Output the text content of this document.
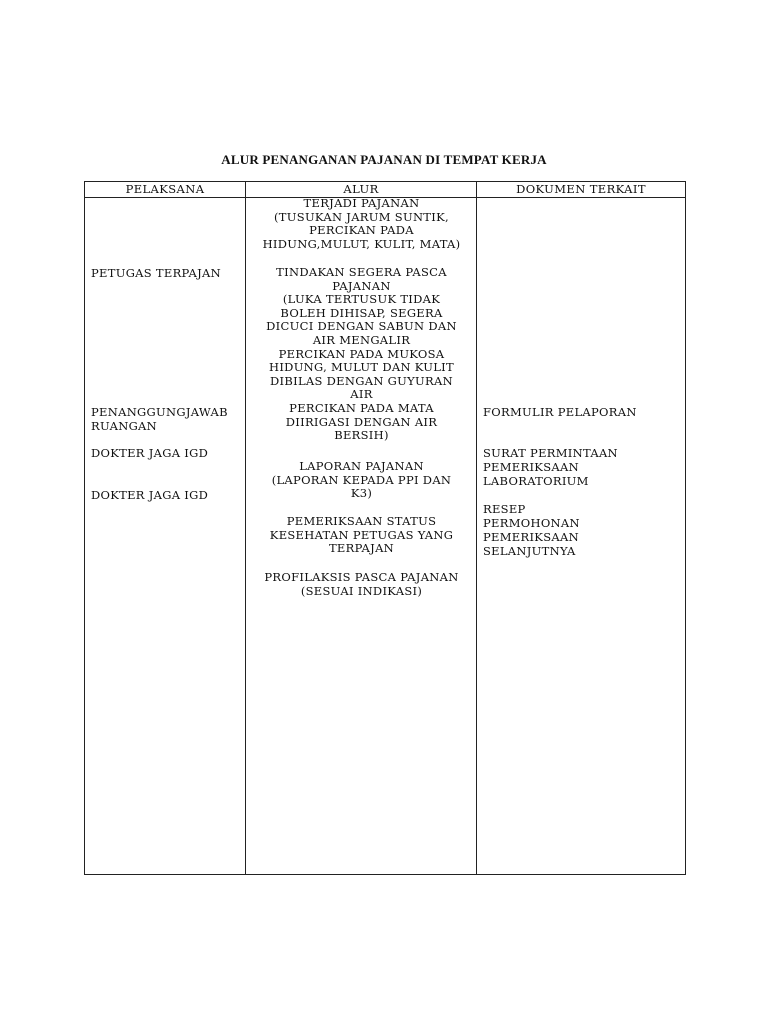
ALUR PENANGANAN PAJANAN DI TEMPAT KERJA
PELAKSANA	ALUR	DOKUMEN TERKAIT
PETUGAS TERPAJAN
PENANGGUNGJAWAB
RUANGAN
DOKTER JAGA IGD
DOKTER JAGA IGD
TERJADI PAJANAN
(TUSUKAN JARUM SUNTIK,
PERCIKAN PADA
HIDUNG,MULUT, KULIT, MATA)
TINDAKAN SEGERA PASCA
PAJANAN
(LUKA TERTUSUK TIDAK
BOLEH DIHISAP, SEGERA
DICUCI DENGAN SABUN DAN
AIR MENGALIR
PERCIKAN PADA MUKOSA
HIDUNG, MULUT DAN KULIT
DIBILAS DENGAN GUYURAN
AIR
PERCIKAN PADA MATA
DIIRIGASI DENGAN AIR
BERSIH)
LAPORAN PAJANAN
(LAPORAN KEPADA PPI DAN
K3)
PEMERIKSAAN STATUS
KESEHATAN PETUGAS YANG
TERPAJAN
PROFILAKSIS PASCA PAJANAN
(SESUAI INDIKASI)
FORMULIR PELAPORAN
SURAT PERMINTAAN
PEMERIKSAAN
LABORATORIUM
RESEP
PERMOHONAN
PEMERIKSAAN
SELANJUTNYA
